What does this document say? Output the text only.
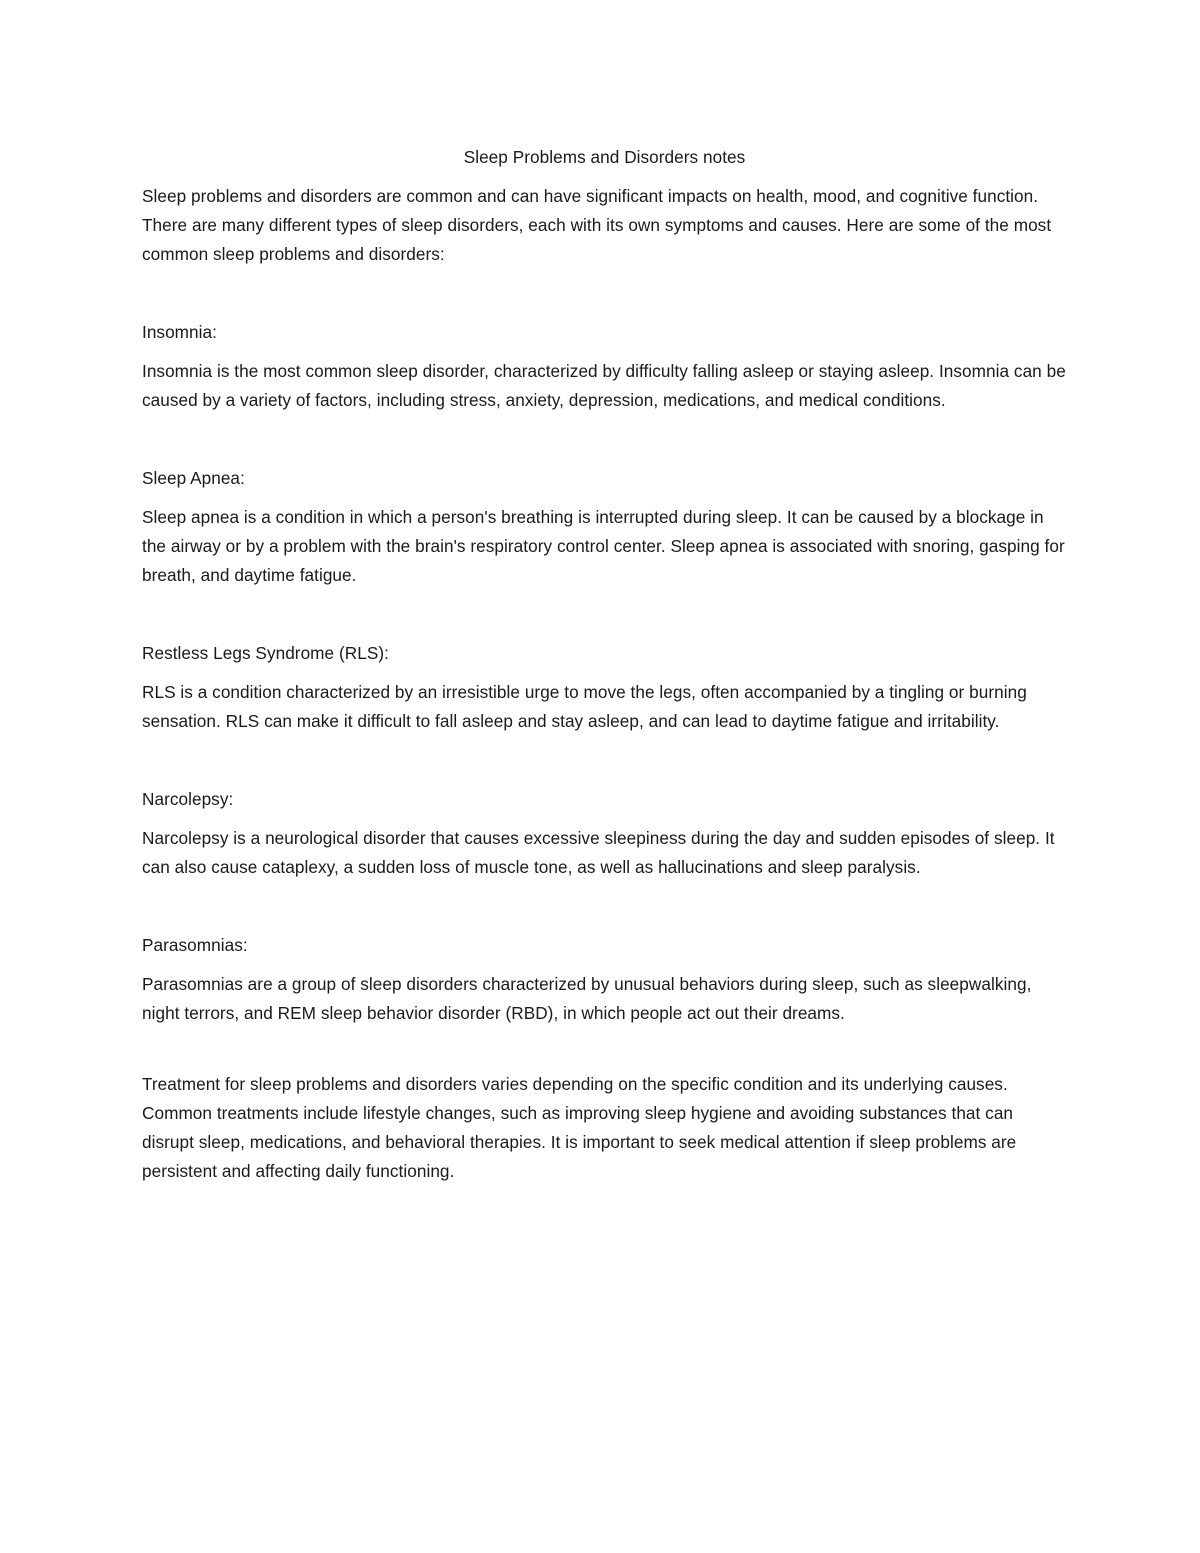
Sleep Problems and Disorders notes

Sleep problems and disorders are common and can have significant impacts on health, mood, and cognitive function. There are many different types of sleep disorders, each with its own symptoms and causes. Here are some of the most common sleep problems and disorders:

Insomnia:

Insomnia is the most common sleep disorder, characterized by difficulty falling asleep or staying asleep. Insomnia can be caused by a variety of factors, including stress, anxiety, depression, medications, and medical conditions.

Sleep Apnea:

Sleep apnea is a condition in which a person's breathing is interrupted during sleep. It can be caused by a blockage in the airway or by a problem with the brain's respiratory control center. Sleep apnea is associated with snoring, gasping for breath, and daytime fatigue.

Restless Legs Syndrome (RLS):

RLS is a condition characterized by an irresistible urge to move the legs, often accompanied by a tingling or burning sensation. RLS can make it difficult to fall asleep and stay asleep, and can lead to daytime fatigue and irritability.

Narcolepsy:

Narcolepsy is a neurological disorder that causes excessive sleepiness during the day and sudden episodes of sleep. It can also cause cataplexy, a sudden loss of muscle tone, as well as hallucinations and sleep paralysis.

Parasomnias:

Parasomnias are a group of sleep disorders characterized by unusual behaviors during sleep, such as sleepwalking, night terrors, and REM sleep behavior disorder (RBD), in which people act out their dreams.

Treatment for sleep problems and disorders varies depending on the specific condition and its underlying causes. Common treatments include lifestyle changes, such as improving sleep hygiene and avoiding substances that can disrupt sleep, medications, and behavioral therapies. It is important to seek medical attention if sleep problems are persistent and affecting daily functioning.
